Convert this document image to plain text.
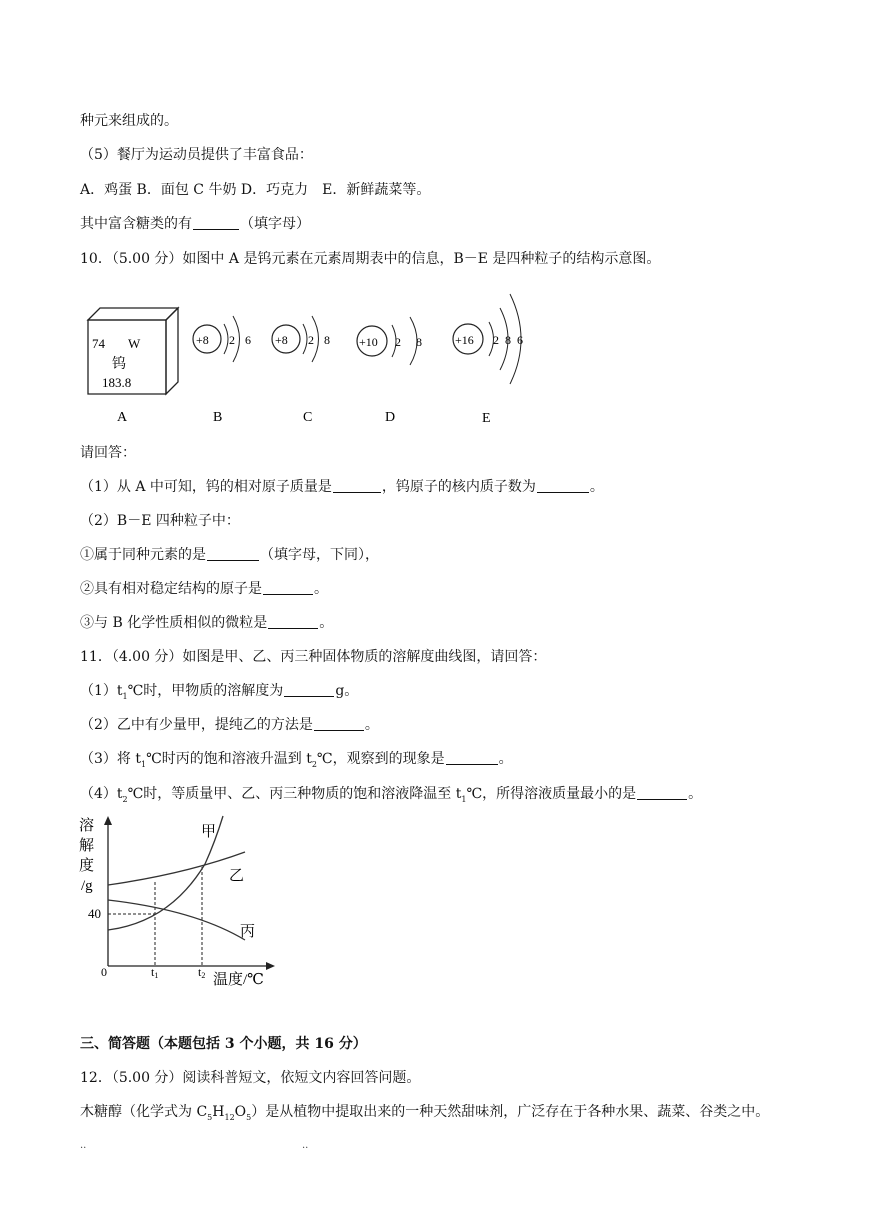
种元来组成的。
（5）餐厅为运动员提供了丰富食品：
A．鸡蛋 B．面包 C 牛奶 D．巧克力　E．新鲜蔬菜等。
其中富含糖类的有	（填字母）
10．（5.00 分）如图中 A 是钨元素在元素周期表中的信息，B－E 是四种粒子的结构示意图。
74 W
钨
183.8
+8 2 6 +8 2 8 +10 2 8	+16 2 8 6
A	B	C	D	E
请回答：
（1）从 A 中可知，钨的相对原子质量是	，钨原子的核内质子数为	。
（2）B－E 四种粒子中：
①属于同种元素的是	（填字母，下同），
②具有相对稳定结构的原子是	。
③与 B 化学性质相似的微粒是	。
11．（4.00 分）如图是甲、乙、丙三种固体物质的溶解度曲线图，请回答：
$(1)t_1℃$时，甲物质的溶解度为	g。
（2）乙中有少量甲，提纯乙的方法是	。
（3）将 $t_1℃$时丙的饱和溶液升温到 $t_2℃$，观察到的现象是	。
$(4)t_2℃$时，等质量甲、乙、丙三种物质的饱和溶液降温至 $t_1℃$，所得溶液质量最小的是	。
溶
解
度
/g
甲
乙
丙
40
0	t1	t2 温度/℃
三、简答题（本题包括 3 个小题，共 16 分）
12．（5.00 分）阅读科普短文，依短文内容回答问题。
木糖醇（化学式为 $C_5H_{12}O_5$）是从植物中提取出来的一种天然甜味剂，广泛存在于各种水果、蔬菜、谷类之中。
..	..
